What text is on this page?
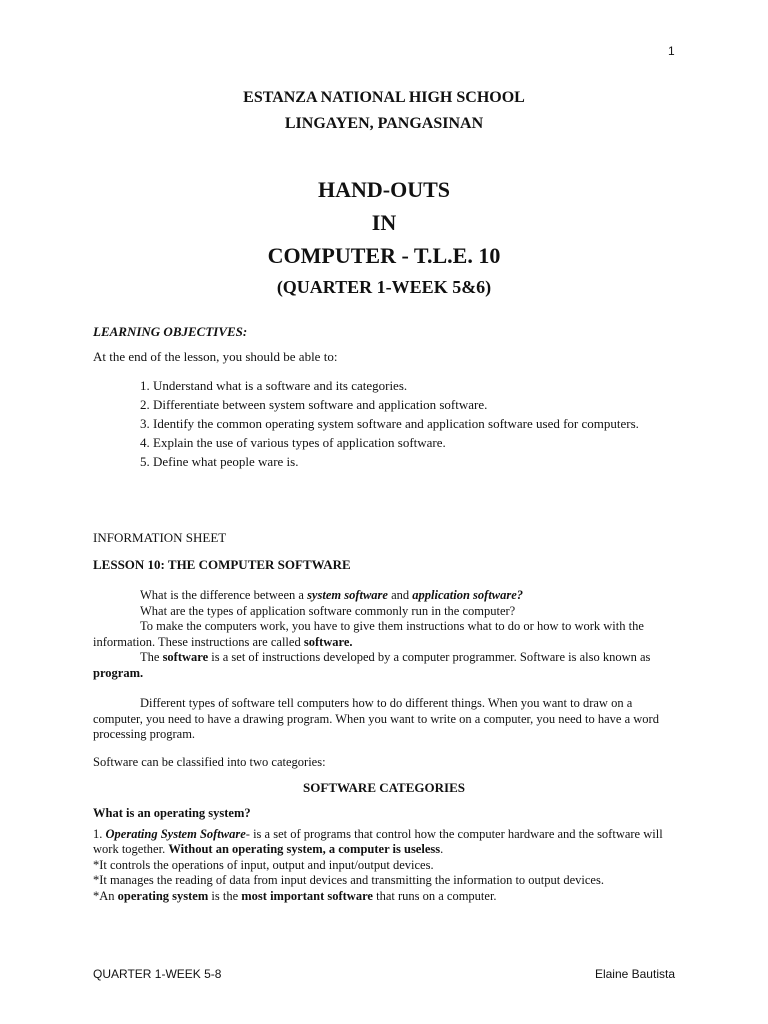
1
ESTANZA NATIONAL HIGH SCHOOL
LINGAYEN, PANGASINAN
HAND-OUTS
IN
COMPUTER - T.L.E. 10
(QUARTER 1-WEEK 5&6)
LEARNING OBJECTIVES:
At the end of the lesson, you should be able to:
1. Understand what is a software and its categories.
2. Differentiate between system software and application software.
3. Identify the common operating system software and application software used for computers.
4. Explain the use of various types of application software.
5. Define what people ware is.
INFORMATION SHEET
LESSON 10: THE COMPUTER SOFTWARE

What is the difference between a system software and application software?

What are the types of application software commonly run in the computer?

To make the computers work, you have to give them instructions what to do or how to work with the information. These instructions are called software.

The software is a set of instructions developed by a computer programmer. Software is also known as program.

Different types of software tell computers how to do different things. When you want to draw on a computer, you need to have a drawing program. When you want to write on a computer, you need to have a word processing program.

Software can be classified into two categories:

SOFTWARE CATEGORIES

What is an operating system?

1. Operating System Software- is a set of programs that control how the computer hardware and the software will work together. Without an operating system, a computer is useless.

*It controls the operations of input, output and input/output devices.

*It manages the reading of data from input devices and transmitting the information to output devices.

*An operating system is the most important software that runs on a computer.

QUARTER 1-WEEK 5-8	Elaine Bautista
